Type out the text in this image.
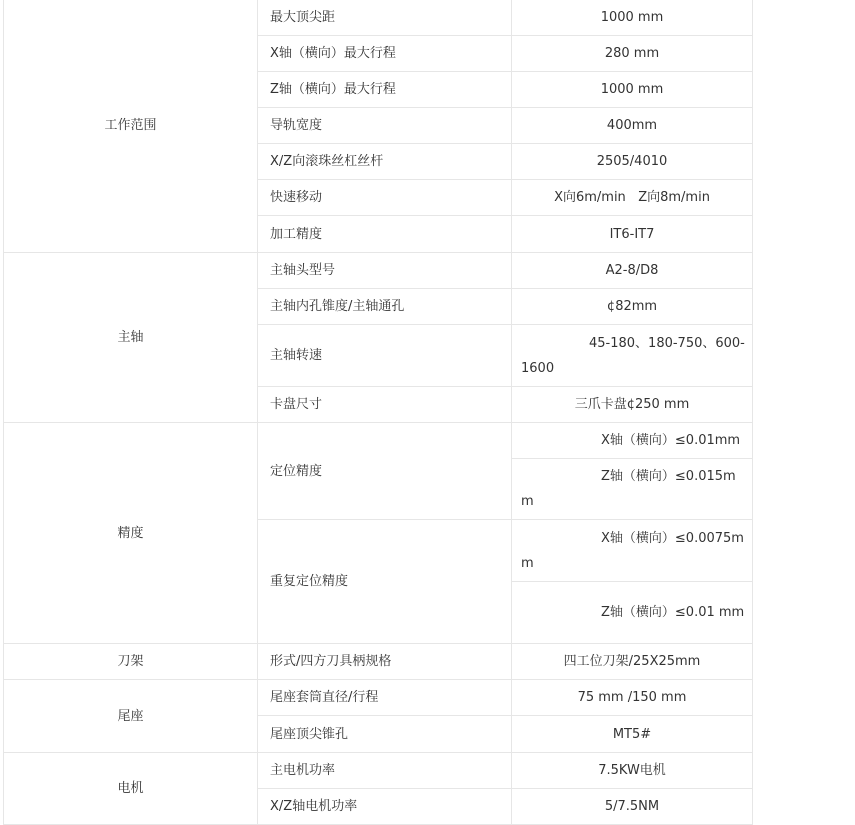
工作范围	最大顶尖距	1000 mm
	X轴（横向）最大行程	280 mm
	Z轴（横向）最大行程	1000 mm
	导轨宽度	400mm
	X/Z向滚珠丝杠丝杆	2505/4010
	快速移动	X向6m/min   Z向8m/min
	加工精度	IT6-IT7
主轴	主轴头型号	A2-8/D8
	主轴内孔锥度/主轴通孔	¢82mm
	主轴转速	45-180、180-750、600-1600
	卡盘尺寸	三爪卡盘¢250 mm
精度	定位精度	X轴（横向）≤0.01mm
		Z轴（横向）≤0.015mm
	重复定位精度	X轴（横向）≤0.0075mm
		Z轴（横向）≤0.01 mm
刀架	形式/四方刀具柄规格	四工位刀架/25X25mm
尾座	尾座套筒直径/行程	75 mm /150 mm
	尾座顶尖锥孔	MT5#
电机	主电机功率	7.5KW电机
	X/Z轴电机功率	5/7.5NM
